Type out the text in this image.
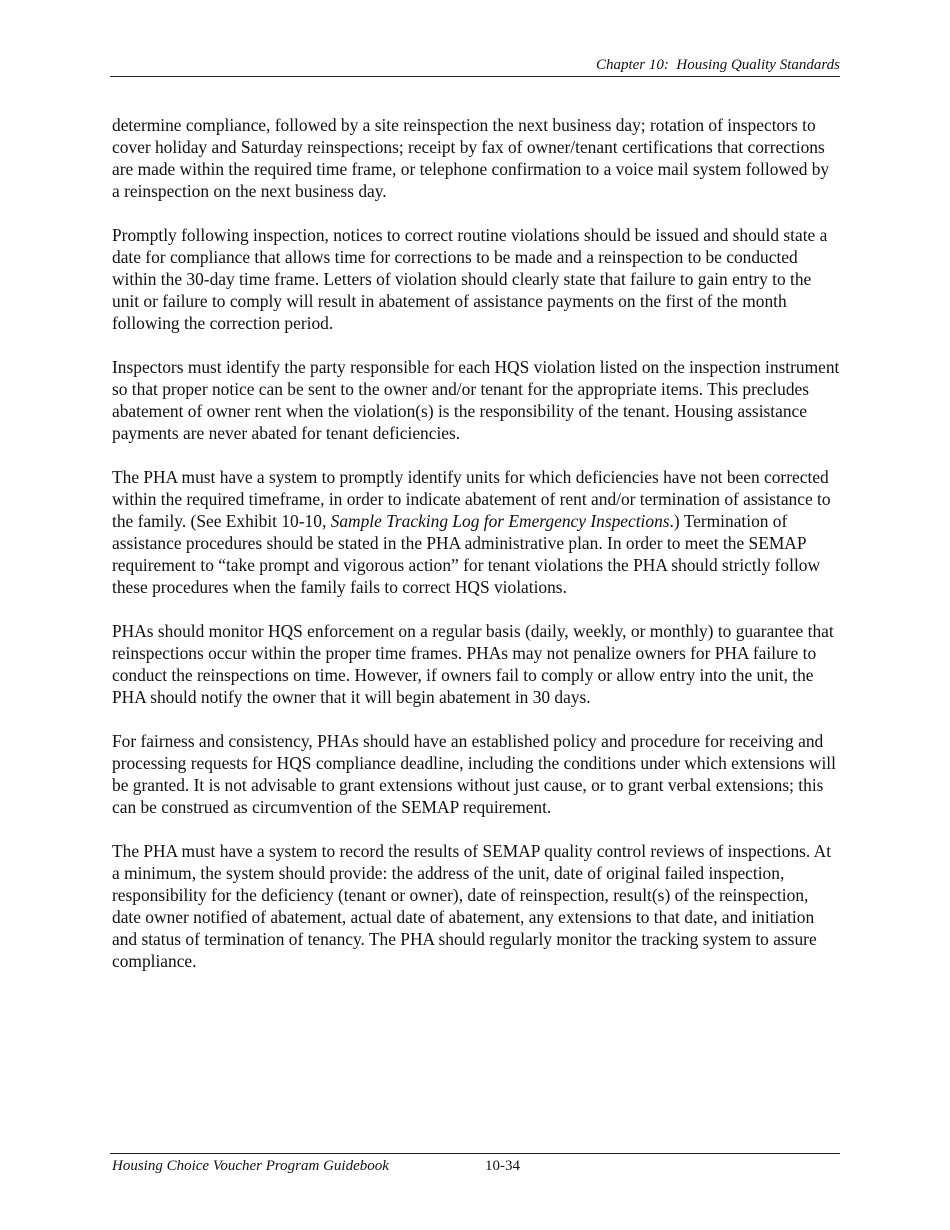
Chapter 10:  Housing Quality Standards

determine compliance, followed by a site reinspection the next business day; rotation of inspectors to cover holiday and Saturday reinspections; receipt by fax of owner/tenant certifications that corrections are made within the required time frame, or telephone confirmation to a voice mail system followed by a reinspection on the next business day.

Promptly following inspection, notices to correct routine violations should be issued and should state a date for compliance that allows time for corrections to be made and a reinspection to be conducted within the 30-day time frame. Letters of violation should clearly state that failure to gain entry to the unit or failure to comply will result in abatement of assistance payments on the first of the month following the correction period.

Inspectors must identify the party responsible for each HQS violation listed on the inspection instrument so that proper notice can be sent to the owner and/or tenant for the appropriate items. This precludes abatement of owner rent when the violation(s) is the responsibility of the tenant. Housing assistance payments are never abated for tenant deficiencies.

The PHA must have a system to promptly identify units for which deficiencies have not been corrected within the required timeframe, in order to indicate abatement of rent and/or termination of assistance to the family. (See Exhibit 10-10, Sample Tracking Log for Emergency Inspections.) Termination of assistance procedures should be stated in the PHA administrative plan. In order to meet the SEMAP requirement to “take prompt and vigorous action” for tenant violations the PHA should strictly follow these procedures when the family fails to correct HQS violations.

PHAs should monitor HQS enforcement on a regular basis (daily, weekly, or monthly) to guarantee that reinspections occur within the proper time frames. PHAs may not penalize owners for PHA failure to conduct the reinspections on time. However, if owners fail to comply or allow entry into the unit, the PHA should notify the owner that it will begin abatement in 30 days.

For fairness and consistency, PHAs should have an established policy and procedure for receiving and processing requests for HQS compliance deadline, including the conditions under which extensions will be granted. It is not advisable to grant extensions without just cause, or to grant verbal extensions; this can be construed as circumvention of the SEMAP requirement.

The PHA must have a system to record the results of SEMAP quality control reviews of inspections. At a minimum, the system should provide: the address of the unit, date of original failed inspection, responsibility for the deficiency (tenant or owner), date of reinspection, result(s) of the reinspection, date owner notified of abatement, actual date of abatement, any extensions to that date, and initiation and status of termination of tenancy. The PHA should regularly monitor the tracking system to assure compliance.

Housing Choice Voucher Program Guidebook	10-34
